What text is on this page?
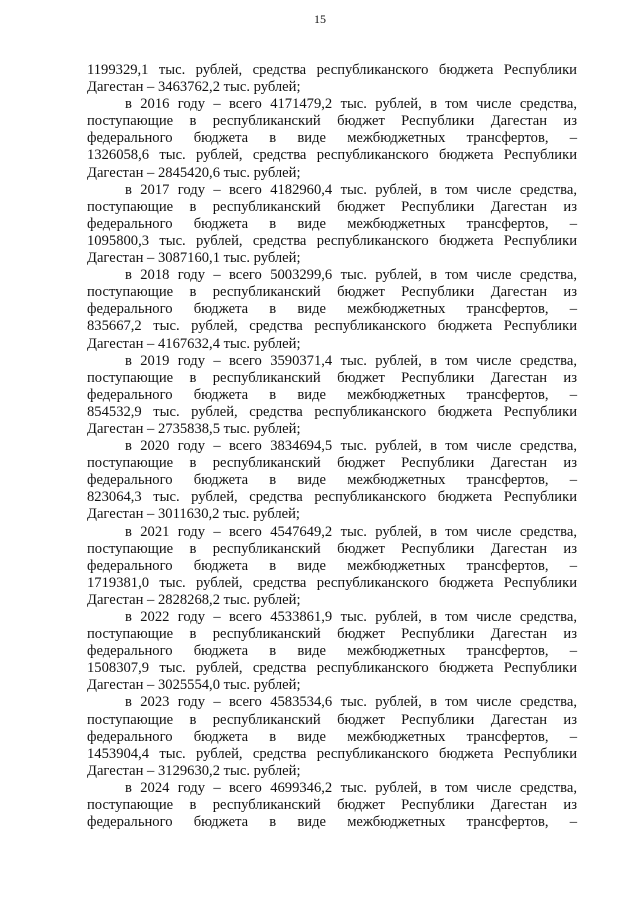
15
1199329,1 тыс. рублей, средства республиканского бюджета Республики
Дагестан – 3463762,2 тыс. рублей;
в 2016 году – всего 4171479,2 тыс. рублей, в том числе средства,
поступающие в республиканский бюджет Республики Дагестан из
федерального бюджета в виде межбюджетных трансфертов, –
1326058,6 тыс. рублей, средства республиканского бюджета Республики
Дагестан – 2845420,6 тыс. рублей;
в 2017 году – всего 4182960,4 тыс. рублей, в том числе средства,
поступающие в республиканский бюджет Республики Дагестан из
федерального бюджета в виде межбюджетных трансфертов, –
1095800,3 тыс. рублей, средства республиканского бюджета Республики
Дагестан – 3087160,1 тыс. рублей;
в 2018 году – всего 5003299,6 тыс. рублей, в том числе средства,
поступающие в республиканский бюджет Республики Дагестан из
федерального бюджета в виде межбюджетных трансфертов, –
835667,2 тыс. рублей, средства республиканского бюджета Республики
Дагестан – 4167632,4 тыс. рублей;
в 2019 году – всего 3590371,4 тыс. рублей, в том числе средства,
поступающие в республиканский бюджет Республики Дагестан из
федерального бюджета в виде межбюджетных трансфертов, –
854532,9 тыс. рублей, средства республиканского бюджета Республики
Дагестан – 2735838,5 тыс. рублей;
в 2020 году – всего 3834694,5 тыс. рублей, в том числе средства,
поступающие в республиканский бюджет Республики Дагестан из
федерального бюджета в виде межбюджетных трансфертов, –
823064,3 тыс. рублей, средства республиканского бюджета Республики
Дагестан – 3011630,2 тыс. рублей;
в 2021 году – всего 4547649,2 тыс. рублей, в том числе средства,
поступающие в республиканский бюджет Республики Дагестан из
федерального бюджета в виде межбюджетных трансфертов, –
1719381,0 тыс. рублей, средства республиканского бюджета Республики
Дагестан – 2828268,2 тыс. рублей;
в 2022 году – всего 4533861,9 тыс. рублей, в том числе средства,
поступающие в республиканский бюджет Республики Дагестан из
федерального бюджета в виде межбюджетных трансфертов, –
1508307,9 тыс. рублей, средства республиканского бюджета Республики
Дагестан – 3025554,0 тыс. рублей;
в 2023 году – всего 4583534,6 тыс. рублей, в том числе средства,
поступающие в республиканский бюджет Республики Дагестан из
федерального бюджета в виде межбюджетных трансфертов, –
1453904,4 тыс. рублей, средства республиканского бюджета Республики
Дагестан – 3129630,2 тыс. рублей;
в 2024 году – всего 4699346,2 тыс. рублей, в том числе средства,
поступающие в республиканский бюджет Республики Дагестан из
федерального бюджета в виде межбюджетных трансфертов, –
